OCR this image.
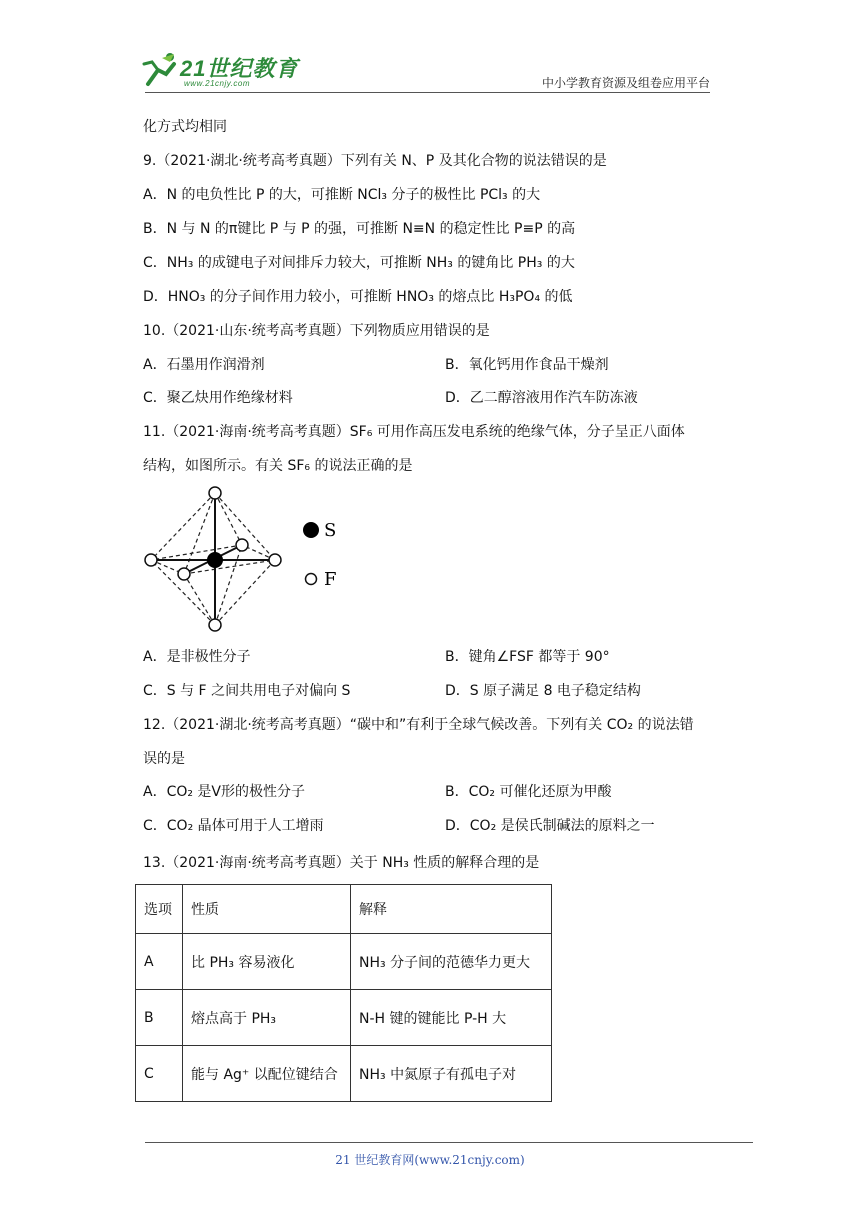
21世纪教育
www.21cnjy.com	中小学教育资源及组卷应用平台
化方式均相同
9.（2021·湖北·统考高考真题）下列有关 N、P 及其化合物的说法错误的是
A．N 的电负性比 P 的大，可推断 NCl₃ 分子的极性比 PCl₃ 的大
B．N 与 N 的π键比 P 与 P 的强，可推断 N≡N 的稳定性比 P≡P 的高
C．NH₃ 的成键电子对间排斥力较大，可推断 NH₃ 的键角比 PH₃ 的大
D．HNO₃ 的分子间作用力较小，可推断 HNO₃ 的熔点比 H₃PO₄ 的低
10.（2021·山东·统考高考真题）下列物质应用错误的是
A．石墨用作润滑剂	B．氧化钙用作食品干燥剂
C．聚乙炔用作绝缘材料	D．乙二醇溶液用作汽车防冻液
11.（2021·海南·统考高考真题）SF₆ 可用作高压发电系统的绝缘气体，分子呈正八面体
结构，如图所示。有关 SF₆ 的说法正确的是
S
F
A．是非极性分子	B．键角∠FSF 都等于 90°
C．S 与 F 之间共用电子对偏向 S	D．S 原子满足 8 电子稳定结构
12.（2021·湖北·统考高考真题）“碳中和”有利于全球气候改善。下列有关 CO₂ 的说法错
误的是
A．CO₂ 是V形的极性分子	B．CO₂ 可催化还原为甲酸
C．CO₂ 晶体可用于人工增雨	D．CO₂ 是侯氏制碱法的原料之一
13.（2021·海南·统考高考真题）关于 NH₃ 性质的解释合理的是
选项	性质	解释
A	比 PH₃ 容易液化	NH₃ 分子间的范德华力更大
B	熔点高于 PH₃	N-H 键的键能比 P-H 大
C	能与 Ag⁺ 以配位键结合	NH₃ 中氮原子有孤电子对
21 世纪教育网(www.21cnjy.com)
